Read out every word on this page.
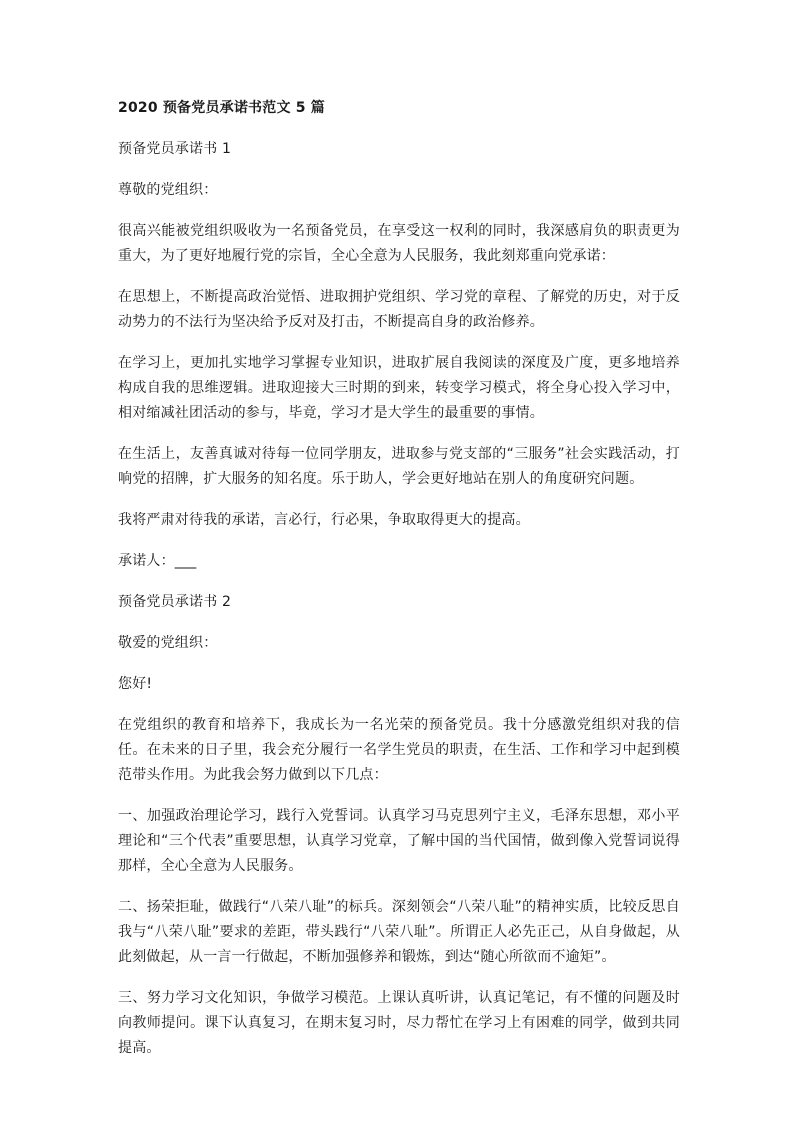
2020 预备党员承诺书范文 5 篇

预备党员承诺书 1

尊敬的党组织：

很高兴能被党组织吸收为一名预备党员，在享受这一权利的同时，我深感肩负的职责更为重大，为了更好地履行党的宗旨，全心全意为人民服务，我此刻郑重向党承诺：

在思想上，不断提高政治觉悟、进取拥护党组织、学习党的章程、了解党的历史，对于反动势力的不法行为坚决给予反对及打击，不断提高自身的政治修养。

在学习上，更加扎实地学习掌握专业知识，进取扩展自我阅读的深度及广度，更多地培养构成自我的思维逻辑。进取迎接大三时期的到来，转变学习模式，将全身心投入学习中，相对缩减社团活动的参与，毕竟，学习才是大学生的最重要的事情。

在生活上，友善真诚对待每一位同学朋友，进取参与党支部的“三服务”社会实践活动，打响党的招牌，扩大服务的知名度。乐于助人，学会更好地站在别人的角度研究问题。

我将严肃对待我的承诺，言必行，行必果，争取取得更大的提高。

承诺人：___

预备党员承诺书 2

敬爱的党组织：

您好!

在党组织的教育和培养下，我成长为一名光荣的预备党员。我十分感激党组织对我的信任。在未来的日子里，我会充分履行一名学生党员的职责，在生活、工作和学习中起到模范带头作用。为此我会努力做到以下几点：

一、加强政治理论学习，践行入党誓词。认真学习马克思列宁主义，毛泽东思想，邓小平理论和“三个代表”重要思想，认真学习党章，了解中国的当代国情，做到像入党誓词说得那样，全心全意为人民服务。

二、扬荣拒耻，做践行“八荣八耻”的标兵。深刻领会“八荣八耻”的精神实质，比较反思自我与“八荣八耻”要求的差距，带头践行“八荣八耻”。所谓正人必先正己，从自身做起，从此刻做起，从一言一行做起，不断加强修养和锻炼，到达“随心所欲而不逾矩”。

三、努力学习文化知识，争做学习模范。上课认真听讲，认真记笔记，有不懂的问题及时向教师提问。课下认真复习，在期末复习时，尽力帮忙在学习上有困难的同学，做到共同提高。
